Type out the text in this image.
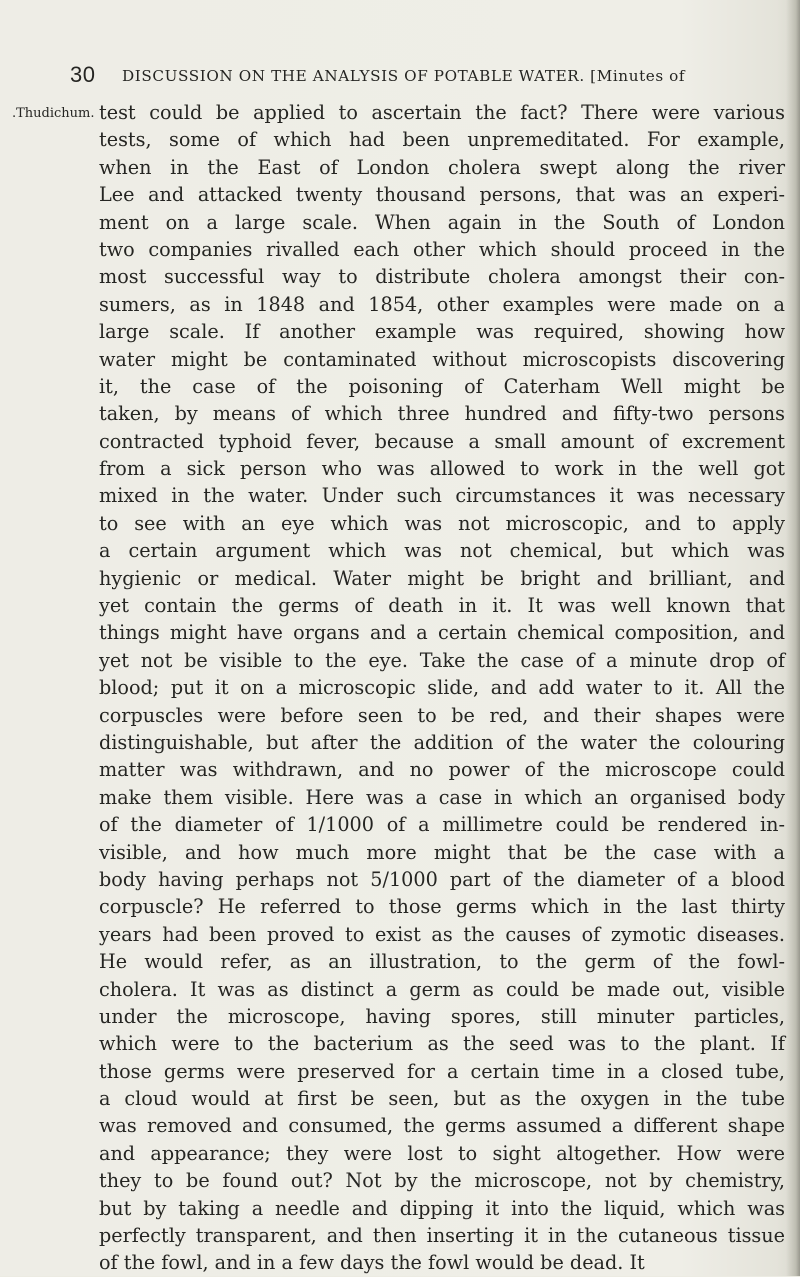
30 DISCUSSION ON THE ANALYSIS OF POTABLE WATER. [Minutes of
.Thudichum. test could be applied to ascertain the fact? There were various
tests, some of which had been unpremeditated. For example,
when in the East of London cholera swept along the river
Lee and attacked twenty thousand persons, that was an experi-
ment on a large scale. When again in the South of London
two companies rivalled each other which should proceed in the
most successful way to distribute cholera amongst their con-
sumers, as in 1848 and 1854, other examples were made on a
large scale. If another example was required, showing how
water might be contaminated without microscopists discovering
it, the case of the poisoning of Caterham Well might be
taken, by means of which three hundred and fifty-two persons
contracted typhoid fever, because a small amount of excrement
from a sick person who was allowed to work in the well got
mixed in the water. Under such circumstances it was necessary
to see with an eye which was not microscopic, and to apply
a certain argument which was not chemical, but which was
hygienic or medical. Water might be bright and brilliant, and
yet contain the germs of death in it. It was well known that
things might have organs and a certain chemical composition, and
yet not be visible to the eye. Take the case of a minute drop of
blood; put it on a microscopic slide, and add water to it. All the
corpuscles were before seen to be red, and their shapes were
distinguishable, but after the addition of the water the colouring
matter was withdrawn, and no power of the microscope could
make them visible. Here was a case in which an organised body
of the diameter of 1/1000 of a millimetre could be rendered in-
visible, and how much more might that be the case with a
body having perhaps not 5/1000 part of the diameter of a blood
corpuscle? He referred to those germs which in the last thirty
years had been proved to exist as the causes of zymotic diseases.
He would refer, as an illustration, to the germ of the fowl-
cholera. It was as distinct a germ as could be made out, visible
under the microscope, having spores, still minuter particles,
which were to the bacterium as the seed was to the plant. If
those germs were preserved for a certain time in a closed tube,
a cloud would at first be seen, but as the oxygen in the tube
was removed and consumed, the germs assumed a different shape
and appearance; they were lost to sight altogether. How were
they to be found out? Not by the microscope, not by chemistry,
but by taking a needle and dipping it into the liquid, which was
perfectly transparent, and then inserting it in the cutaneous tissue
of the fowl, and in a few days the fowl would be dead. It
